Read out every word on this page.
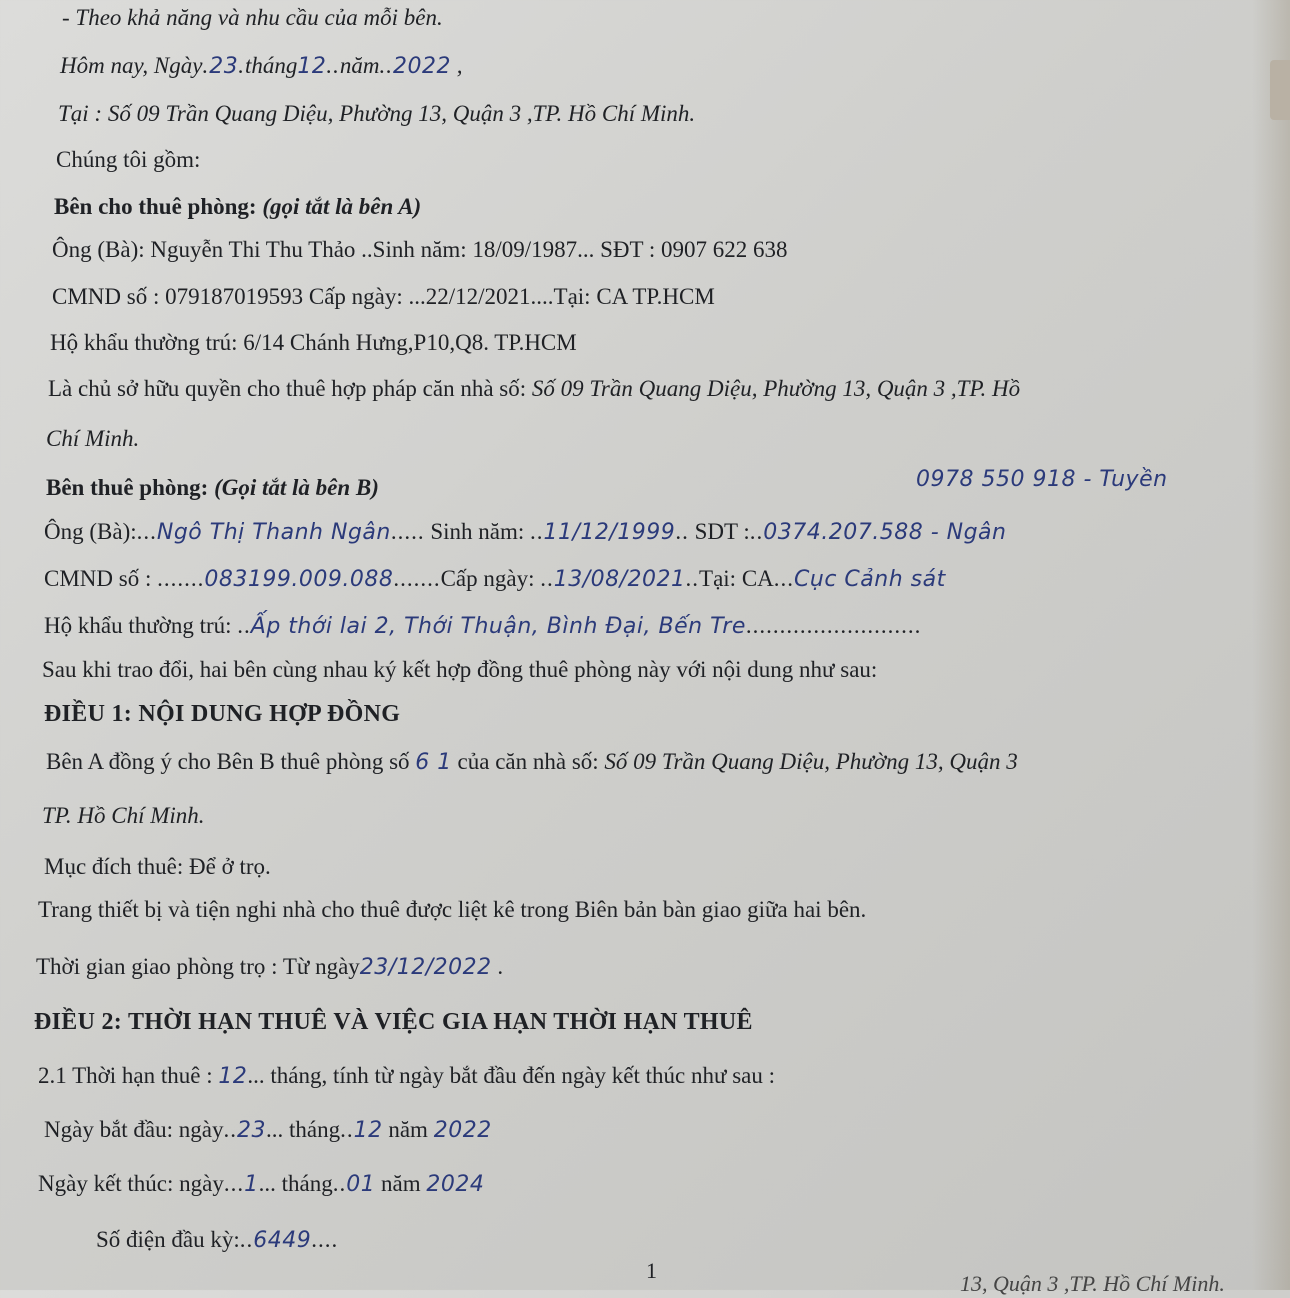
- Theo khả năng và nhu cầu của mỗi bên.
Hôm nay, Ngày.23.tháng12..năm..2022 ,
Tại : Số 09 Trần Quang Diệu, Phường 13, Quận 3 ,TP. Hồ Chí Minh.
Chúng tôi gồm:
Bên cho thuê phòng: (gọi tắt là bên A)
Ông (Bà): Nguyễn Thi Thu Thảo ..Sinh năm: 18/09/1987... SĐT : 0907 622 638
CMND số : 079187019593 Cấp ngày: ...22/12/2021....Tại: CA TP.HCM
Hộ khẩu thường trú: 6/14 Chánh Hưng,P10,Q8. TP.HCM
Là chủ sở hữu quyền cho thuê hợp pháp căn nhà số: Số 09 Trần Quang Diệu, Phường 13, Quận 3 ,TP. Hồ
Chí Minh.
Bên thuê phòng: (Gọi tắt là bên B)	0978 550 918 - Tuyền
Ông (Bà):...Ngô Thị Thanh Ngân..... Sinh năm: ..11/12/1999.. SDT :..0374.207.588 - Ngân
CMND số : .......083199.009.088.......Cấp ngày: ..13/08/2021..Tại: CA...Cục Cảnh sát
Hộ khẩu thường trú: ..Ấp thới lai 2, Thới Thuận, Bình Đại, Bến Tre..........................
Sau khi trao đổi, hai bên cùng nhau ký kết hợp đồng thuê phòng này với nội dung như sau:
ĐIỀU 1: NỘI DUNG HỢP ĐỒNG
Bên A đồng ý cho Bên B thuê phòng số 6 1 của căn nhà số: Số 09 Trần Quang Diệu, Phường 13, Quận 3
TP. Hồ Chí Minh.
Mục đích thuê: Để ở trọ.
Trang thiết bị và tiện nghi nhà cho thuê được liệt kê trong Biên bản bàn giao giữa hai bên.
Thời gian giao phòng trọ : Từ ngày23/12/2022 .
ĐIỀU 2: THỜI HẠN THUÊ VÀ VIỆC GIA HẠN THỜI HẠN THUÊ
2.1 Thời hạn thuê : 12... tháng, tính từ ngày bắt đầu đến ngày kết thúc như sau :
Ngày bắt đầu: ngày..23... tháng..12 năm 2022
Ngày kết thúc: ngày...1... tháng..01 năm 2024
Số điện đầu kỳ:..6449....
1
13, Quận 3 ,TP. Hồ Chí Minh.
